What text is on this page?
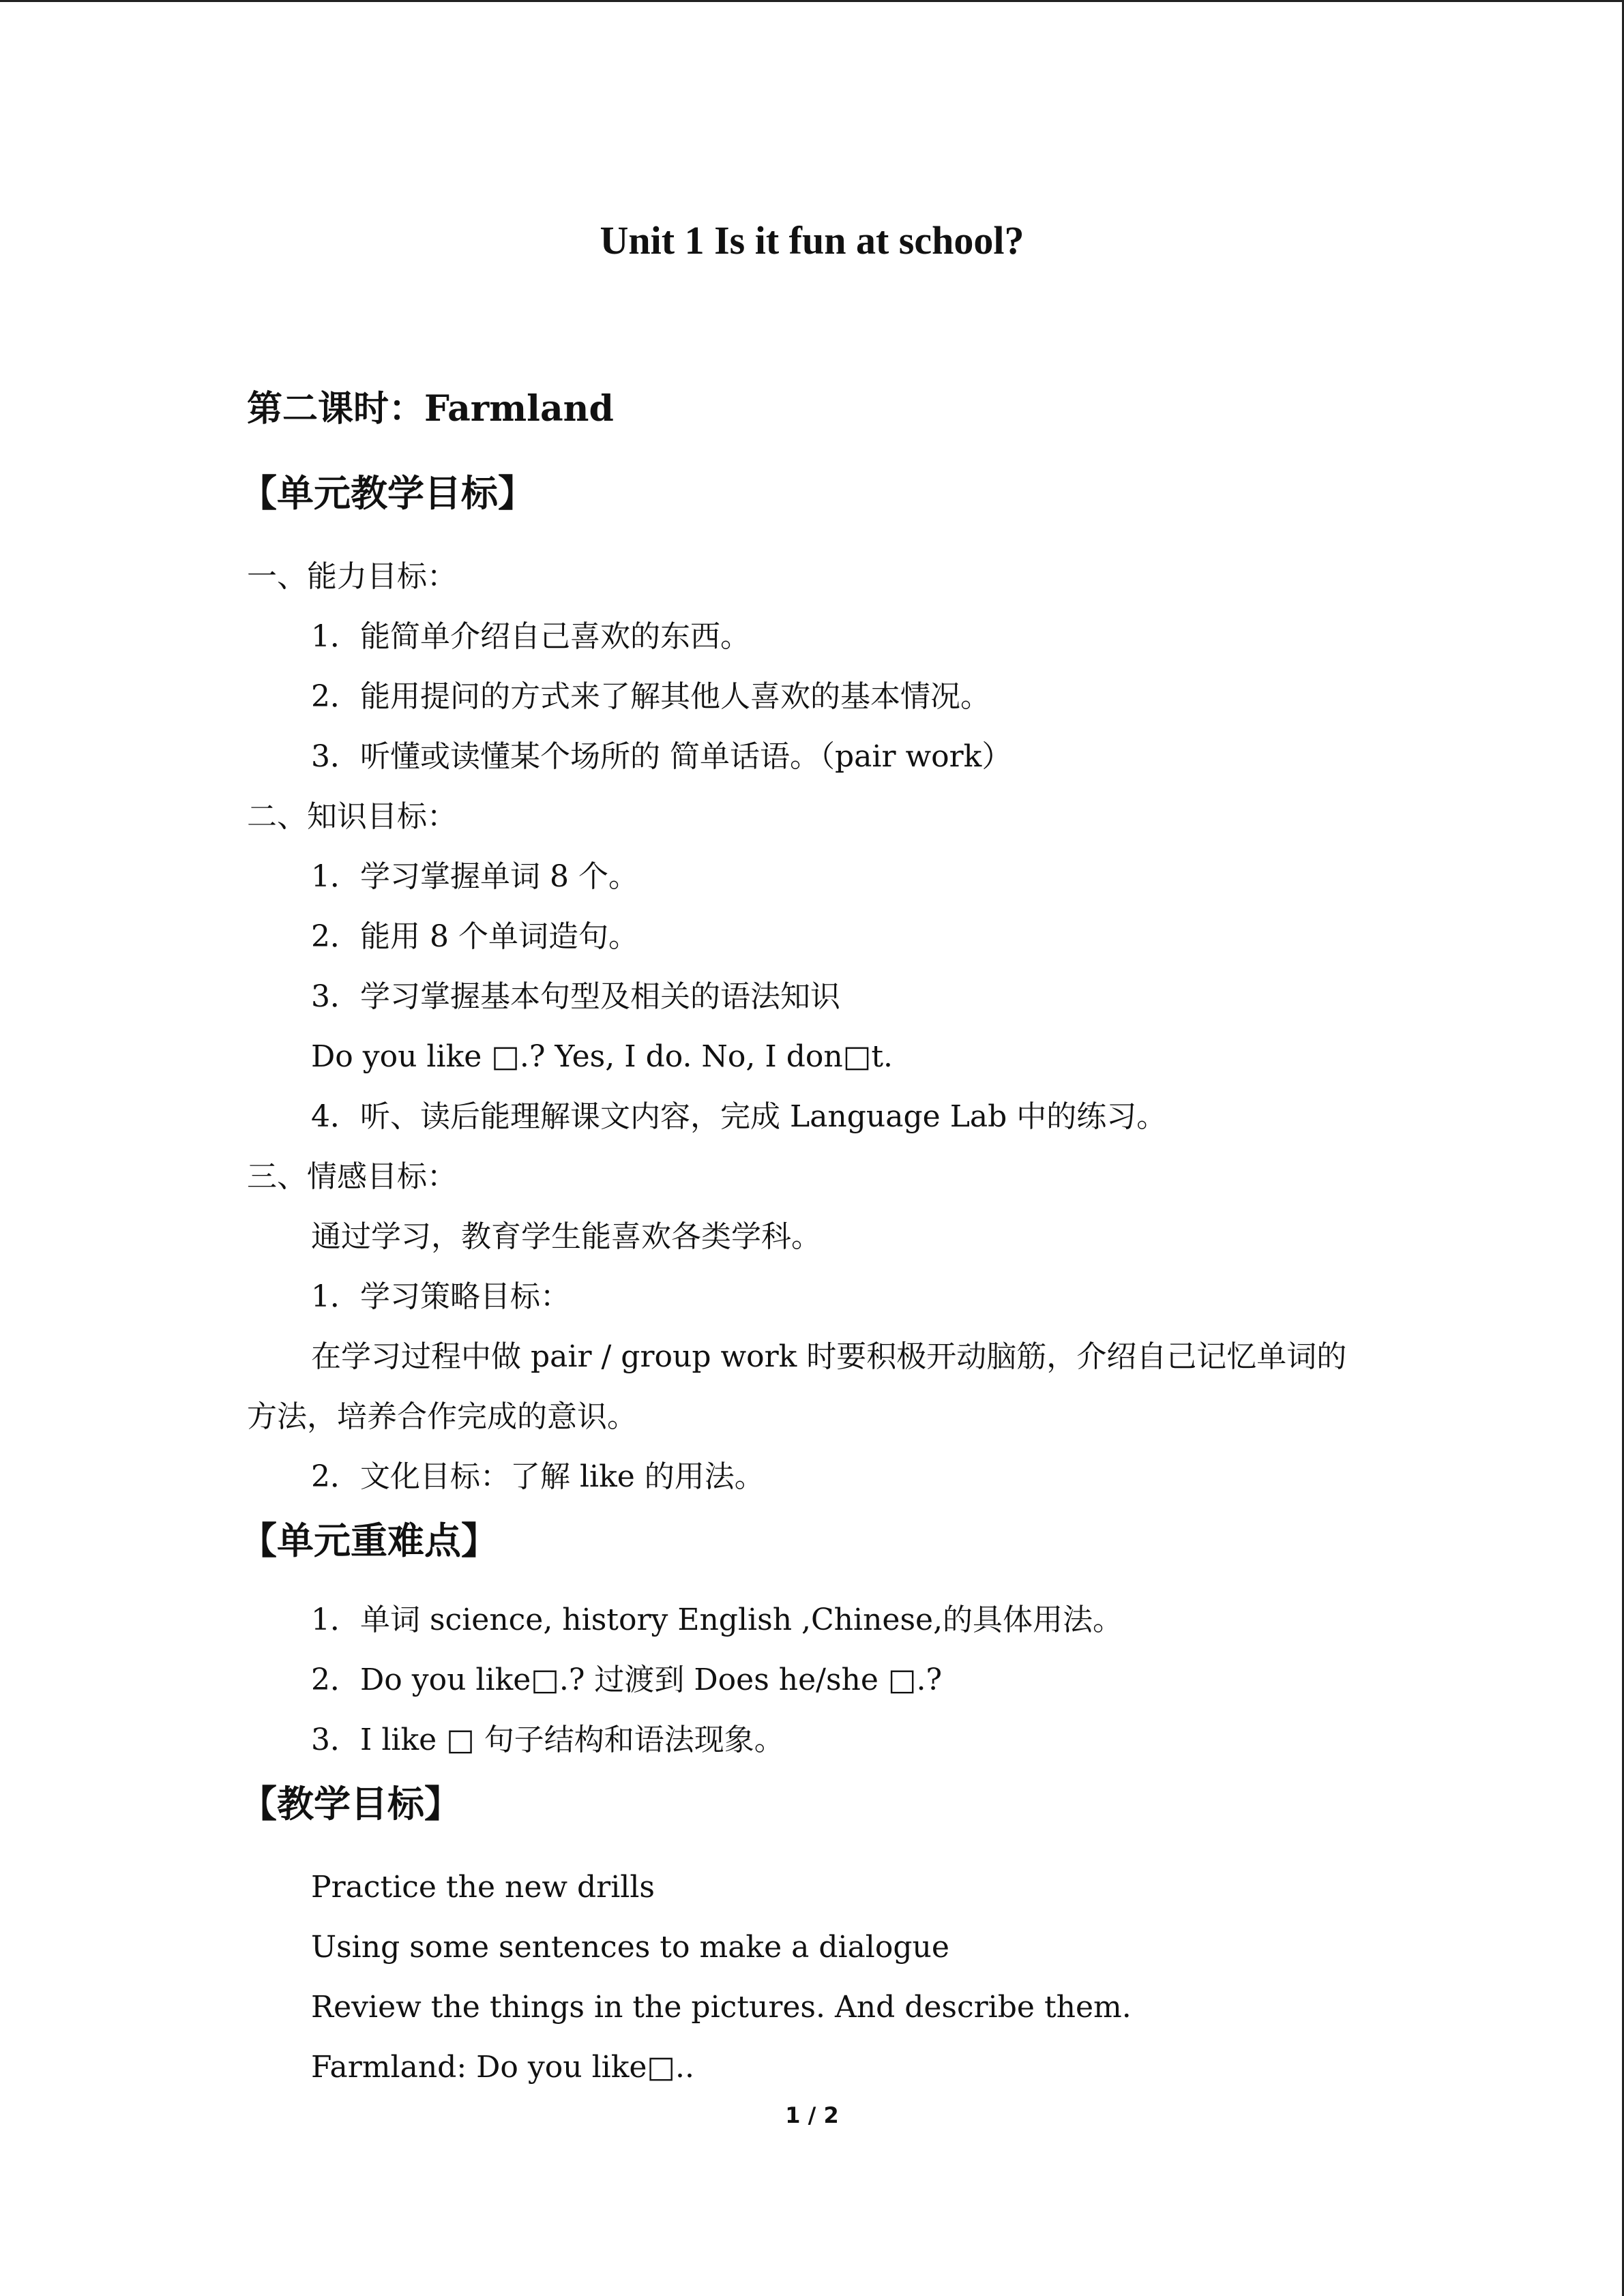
Unit 1 Is it fun at school?
第二课时：Farmland
【单元教学目标】
一、能力目标：
1．能简单介绍自己喜欢的东西。
2．能用提问的方式来了解其他人喜欢的基本情况。
3．听懂或读懂某个场所的 简单话语。（pair work）
二、知识目标：
1．学习掌握单词 8 个。
2．能用 8 个单词造句。
3．学习掌握基本句型及相关的语法知识
Do you like □.? Yes, I do. No, I don□t.
4．听、读后能理解课文内容，完成 Language Lab 中的练习。
三、情感目标：
通过学习，教育学生能喜欢各类学科。
1．学习策略目标：
在学习过程中做 pair / group work 时要积极开动脑筋，介绍自己记忆单词的
方法，培养合作完成的意识。
2．文化目标：了解 like 的用法。
【单元重难点】
1．单词 science, history English ,Chinese,的具体用法。
2．Do you like□.? 过渡到 Does he/she □.?
3．I like □ 句子结构和语法现象。
【教学目标】
Practice the new drills
Using some sentences to make a dialogue
Review the things in the pictures. And describe them.
Farmland: Do you like□..
1 / 2
